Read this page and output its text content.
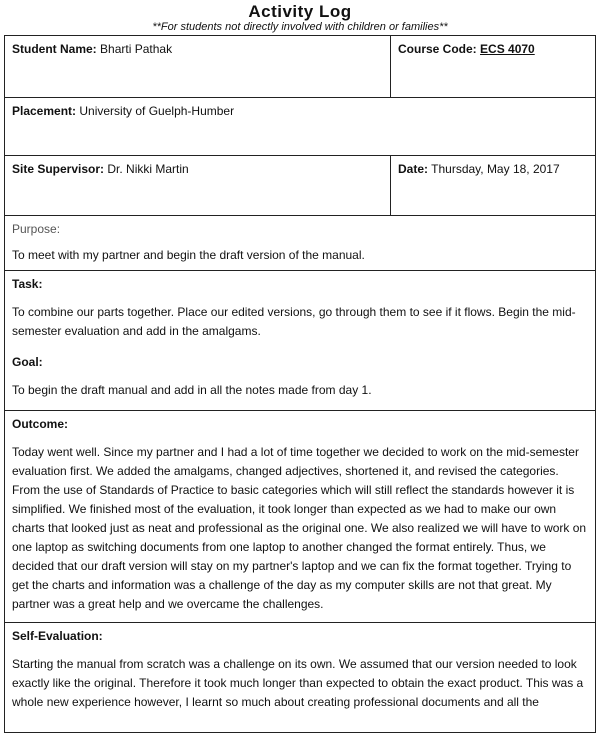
Activity Log
**For students not directly involved with children or families**
Student Name: Bharti Pathak	Course Code: ECS 4070
Placement: University of Guelph-Humber	
Site Supervisor: Dr. Nikki Martin	Date: Thursday, May 18, 2017

Purpose:
To meet with my partner and begin the draft version of the manual.	

Task:
To combine our parts together. Place our edited versions, go through them to see if it flows. Begin the mid-semester evaluation and add in the amalgams.
Goal:
To begin the draft manual and add in all the notes made from day 1.	

Outcome:
Today went well. Since my partner and I had a lot of time together we decided to work on the mid-semester evaluation first. We added the amalgams, changed adjectives, shortened it, and revised the categories. From the use of Standards of Practice to basic categories which will still reflect the standards however it is simplified. We finished most of the evaluation, it took longer than expected as we had to make our own charts that looked just as neat and professional as the original one. We also realized we will have to work on one laptop as switching documents from one laptop to another changed the format entirely. Thus, we decided that our draft version will stay on my partner's laptop and we can fix the format together. Trying to get the charts and information was a challenge of the day as my computer skills are not that great. My partner was a great help and we overcame the challenges.	

Self-Evaluation:
Starting the manual from scratch was a challenge on its own. We assumed that our version needed to look exactly like the original. Therefore it took much longer than expected to obtain the exact product. This was a whole new experience however, I learnt so much about creating professional documents and all the	
